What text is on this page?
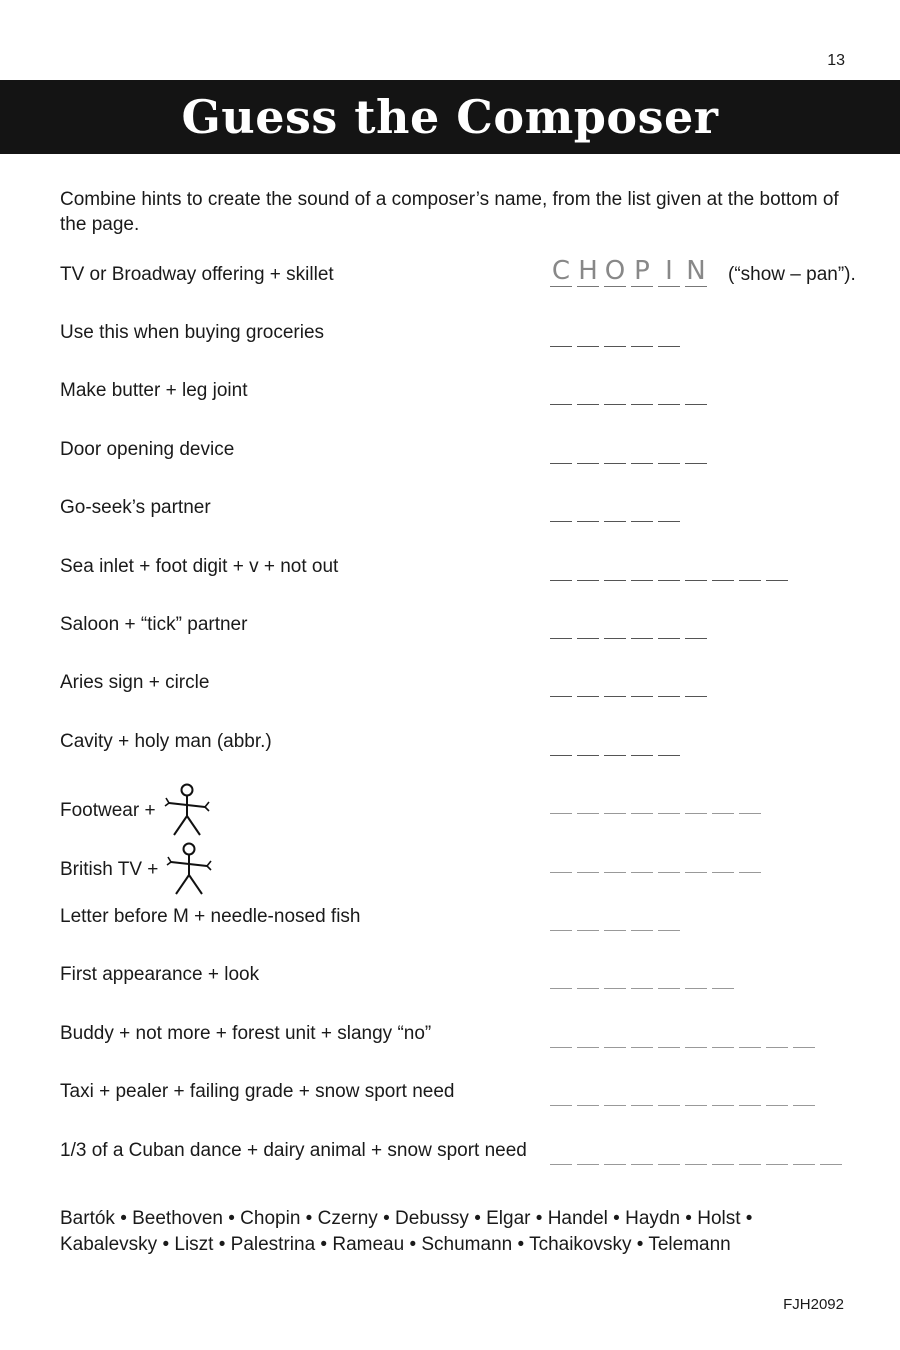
13
Guess the Composer
Combine hints to create the sound of a composer’s name, from the list given at the bottom of the page.
TV or Broadway offering + skillet	C H O P I N (“show – pan”).
Use this when buying groceries
Make butter + leg joint
Door opening device
Go-seek’s partner
Sea inlet + foot digit + v + not out
Saloon + “tick” partner
Aries sign + circle
Cavity + holy man (abbr.)
Footwear +
British TV +
Letter before M + needle-nosed fish
First appearance + look
Buddy + not more + forest unit + slangy “no”
Taxi + pealer + failing grade + snow sport need
1/3 of a Cuban dance + dairy animal + snow sport need
Bartók • Beethoven • Chopin • Czerny • Debussy • Elgar • Handel • Haydn • Holst •
Kabalevsky • Liszt • Palestrina • Rameau • Schumann • Tchaikovsky • Telemann
FJH2092
